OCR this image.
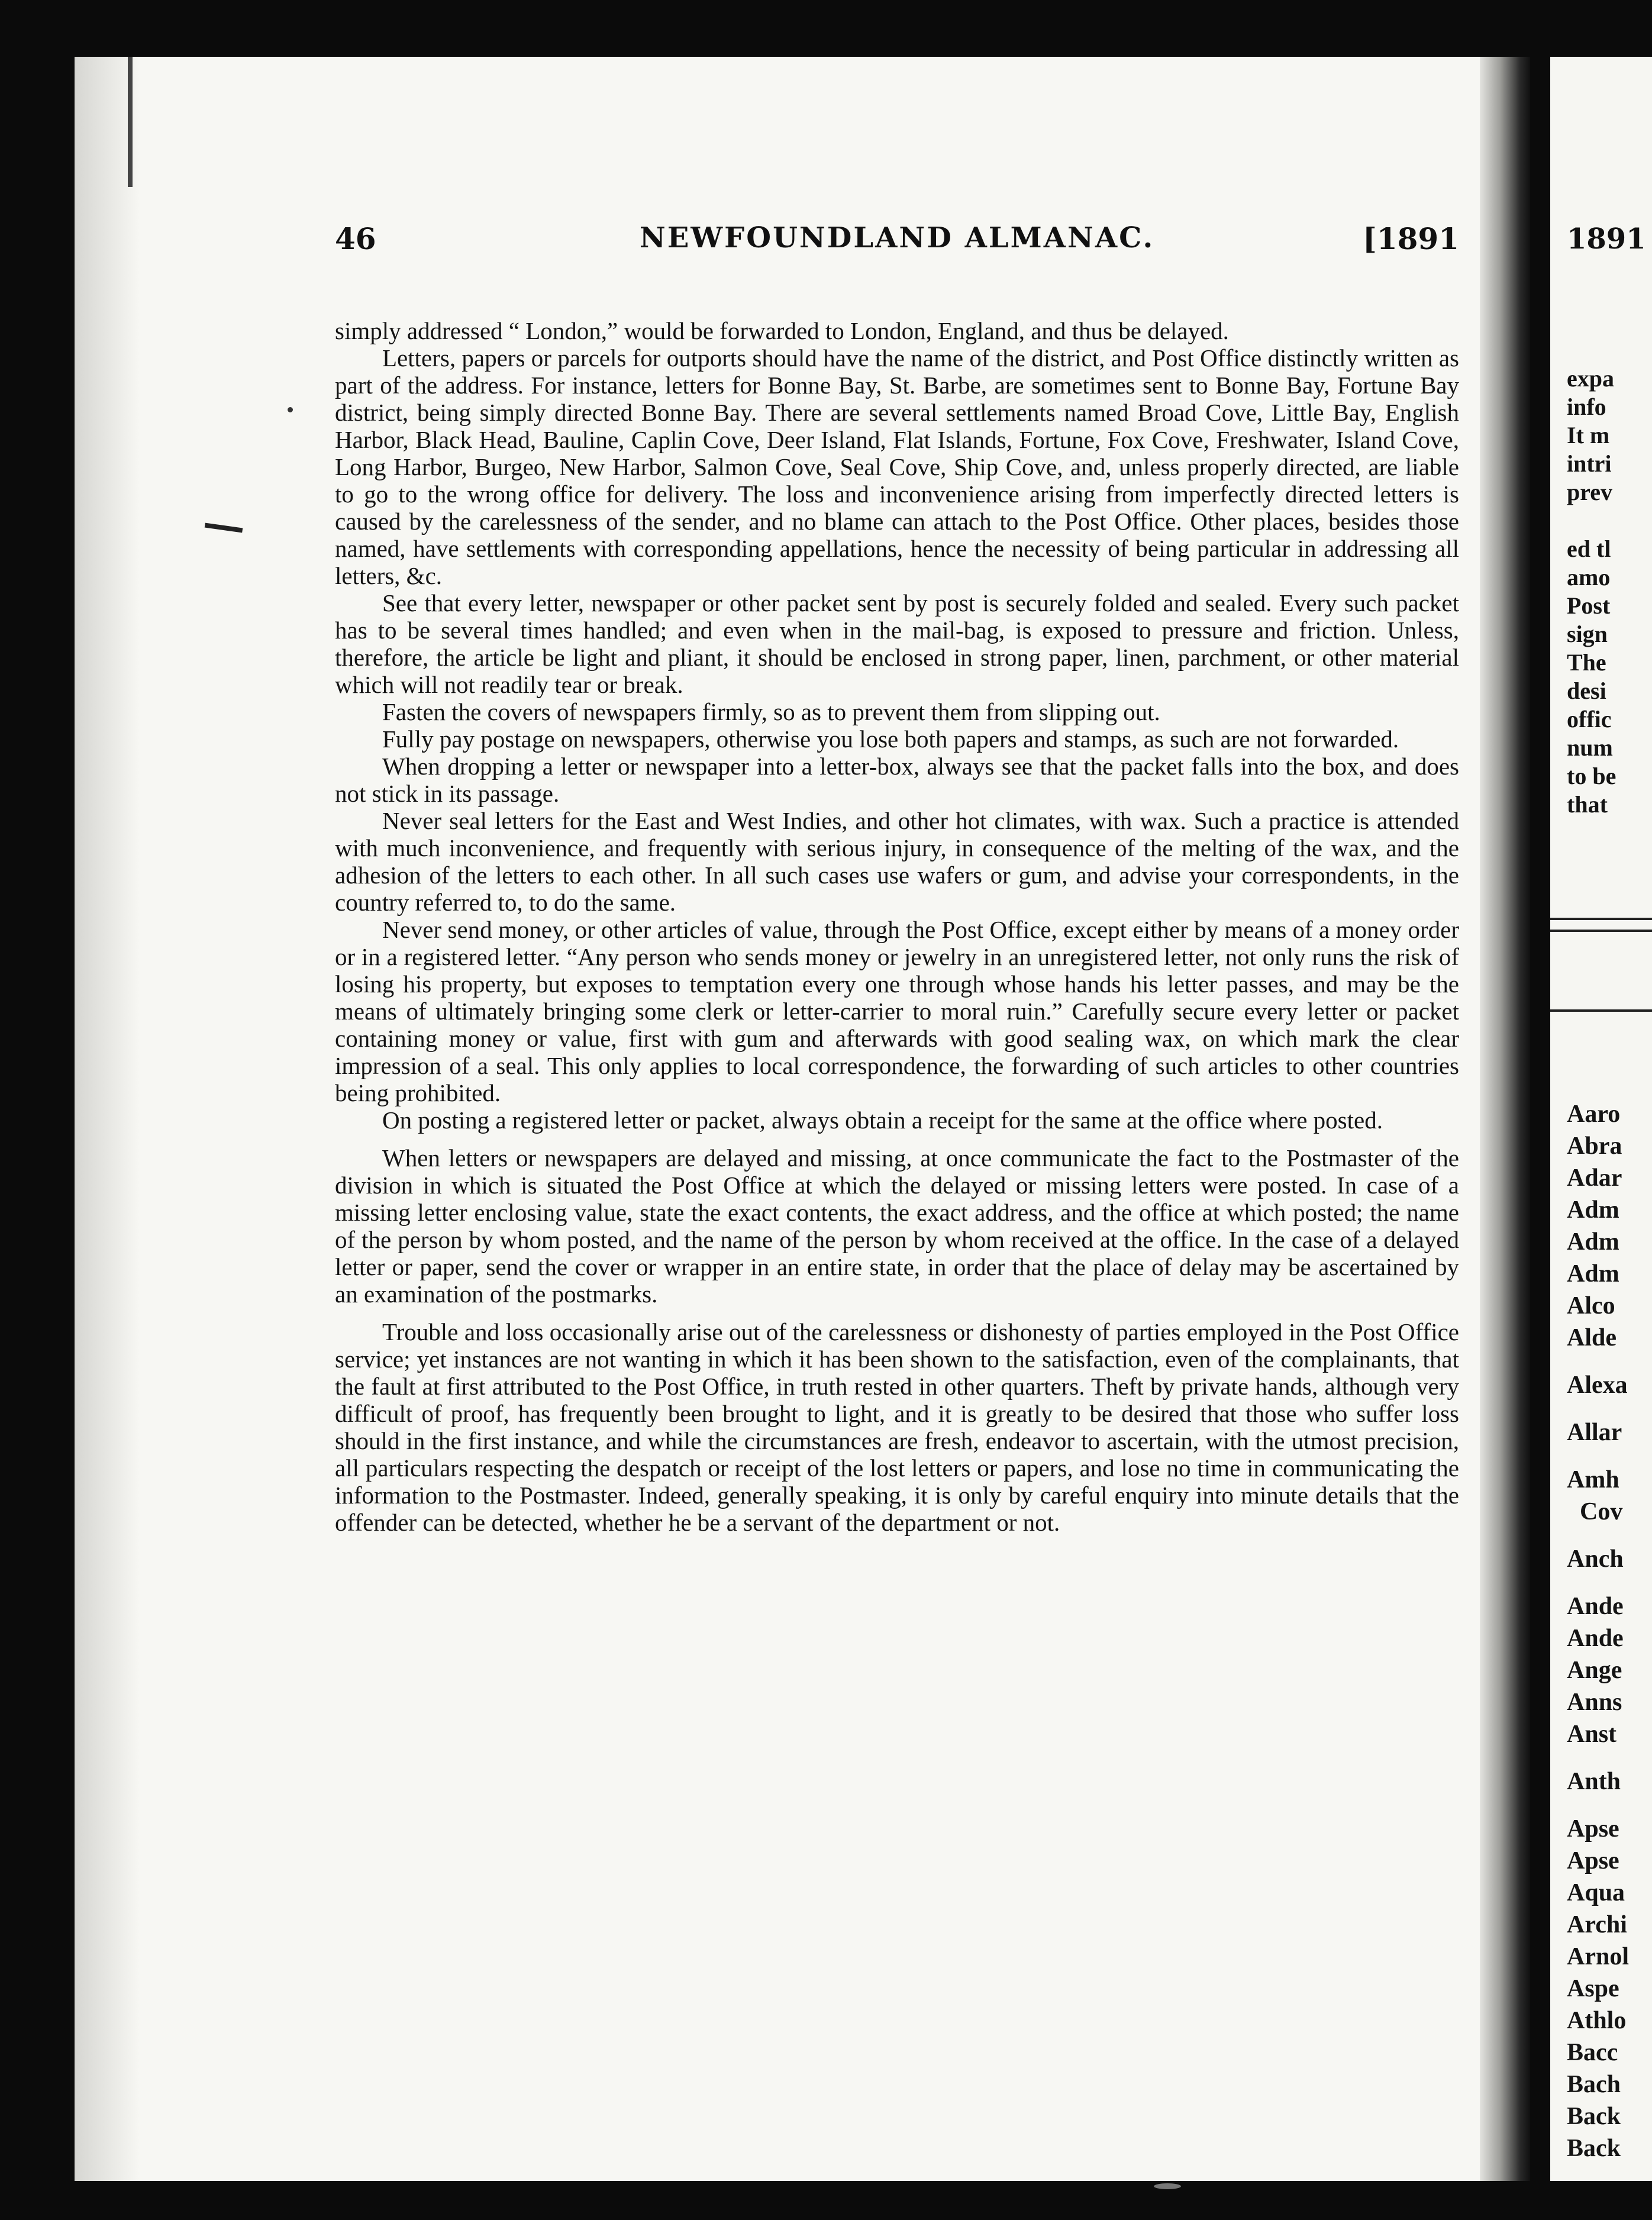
46	NEWFOUNDLAND ALMANAC.	[1891

simply addressed “ London,” would be forwarded to London, England, and thus be delayed.

Letters, papers or parcels for outports should have the name of the district, and Post Office distinctly written as part of the address. For instance, letters for Bonne Bay, St. Barbe, are sometimes sent to Bonne Bay, Fortune Bay district, being simply directed Bonne Bay. There are several settlements named Broad Cove, Little Bay, English Harbor, Black Head, Bauline, Caplin Cove, Deer Island, Flat Islands, Fortune, Fox Cove, Freshwater, Island Cove, Long Harbor, Burgeo, New Harbor, Salmon Cove, Seal Cove, Ship Cove, and, unless properly directed, are liable to go to the wrong office for delivery. The loss and inconvenience arising from imperfectly directed letters is caused by the carelessness of the sender, and no blame can attach to the Post Office. Other places, besides those named, have settlements with corresponding appellations, hence the necessity of being particular in addressing all letters, &c.

See that every letter, newspaper or other packet sent by post is securely folded and sealed. Every such packet has to be several times handled; and even when in the mail-bag, is exposed to pressure and friction. Unless, therefore, the article be light and pliant, it should be enclosed in strong paper, linen, parchment, or other material which will not readily tear or break.

Fasten the covers of newspapers firmly, so as to prevent them from slipping out.

Fully pay postage on newspapers, otherwise you lose both papers and stamps, as such are not forwarded.

When dropping a letter or newspaper into a letter-box, always see that the packet falls into the box, and does not stick in its passage.

Never seal letters for the East and West Indies, and other hot climates, with wax. Such a practice is attended with much inconvenience, and frequently with serious injury, in consequence of the melting of the wax, and the adhesion of the letters to each other. In all such cases use wafers or gum, and advise your correspondents, in the country referred to, to do the same.

Never send money, or other articles of value, through the Post Office, except either by means of a money order or in a registered letter. “Any person who sends money or jewelry in an unregistered letter, not only runs the risk of losing his property, but exposes to temptation every one through whose hands his letter passes, and may be the means of ultimately bringing some clerk or letter-carrier to moral ruin.” Carefully secure every letter or packet containing money or value, first with gum and afterwards with good sealing wax, on which mark the clear impression of a seal. This only applies to local correspondence, the forwarding of such articles to other countries being prohibited.

On posting a registered letter or packet, always obtain a receipt for the same at the office where posted.

When letters or newspapers are delayed and missing, at once communicate the fact to the Postmaster of the division in which is situated the Post Office at which the delayed or missing letters were posted. In case of a missing letter enclosing value, state the exact contents, the exact address, and the office at which posted; the name of the person by whom posted, and the name of the person by whom received at the office. In the case of a delayed letter or paper, send the cover or wrapper in an entire state, in order that the place of delay may be ascertained by an examination of the postmarks.

Trouble and loss occasionally arise out of the carelessness or dishonesty of parties employed in the Post Office service; yet instances are not wanting in which it has been shown to the satisfaction, even of the complainants, that the fault at first attributed to the Post Office, in truth rested in other quarters. Theft by private hands, although very difficult of proof, has frequently been brought to light, and it is greatly to be desired that those who suffer loss should in the first instance, and while the circumstances are fresh, endeavor to ascertain, with the utmost precision, all particulars respecting the despatch or receipt of the lost letters or papers, and lose no time in communicating the information to the Postmaster. Indeed, generally speaking, it is only by careful enquiry into minute details that the offender can be detected, whether he be a servant of the department or not.

1891
expa
info
It m
intri
prev
ed tl
amo
Post
sign
The
desi
offic
num
to be
that
Aaro
Abra
Adar
Adm
Adm
Adm
Alco
Alde
Alexa
Allar
Amh
Cov
Anch
Ande
Ande
Ange
Anns
Anst
Anth
Apse
Apse
Aqua
Archi
Arnol
Aspe
Athlo
Bacc
Bach
Back
Back
